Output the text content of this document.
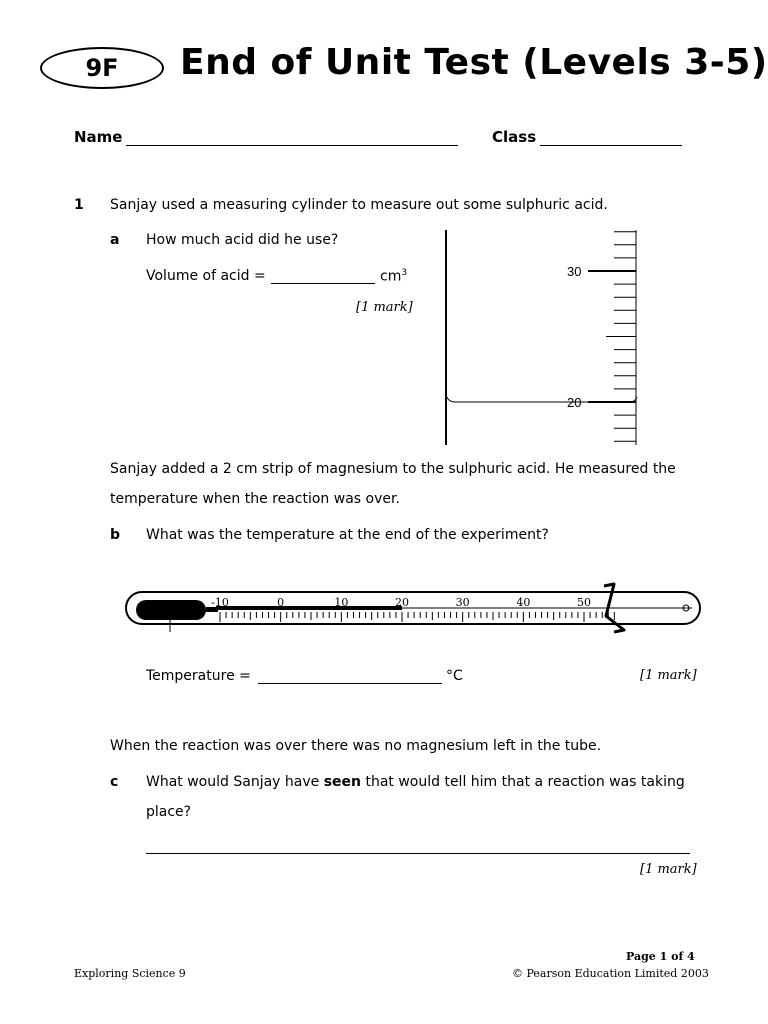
9F End of Unit Test (Levels 3-5)
Name	Class
1 Sanjay used a measuring cylinder to measure out some sulphuric acid.
a How much acid did he use?
Volume of acid =	$cm^3$
[1 mark]
30
20
Sanjay added a 2 cm strip of magnesium to the sulphuric acid. He measured the
temperature when the reaction was over.
b What was the temperature at the end of the experiment?
-10	0	10	20	30	40	50
Temperature =	°C	[1 mark]
When the reaction was over there was no magnesium left in the tube.
c What would Sanjay have seen that would tell him that a reaction was taking
place?
[1 mark]
Page 1 of 4
Exploring Science 9	© Pearson Education Limited 2003
